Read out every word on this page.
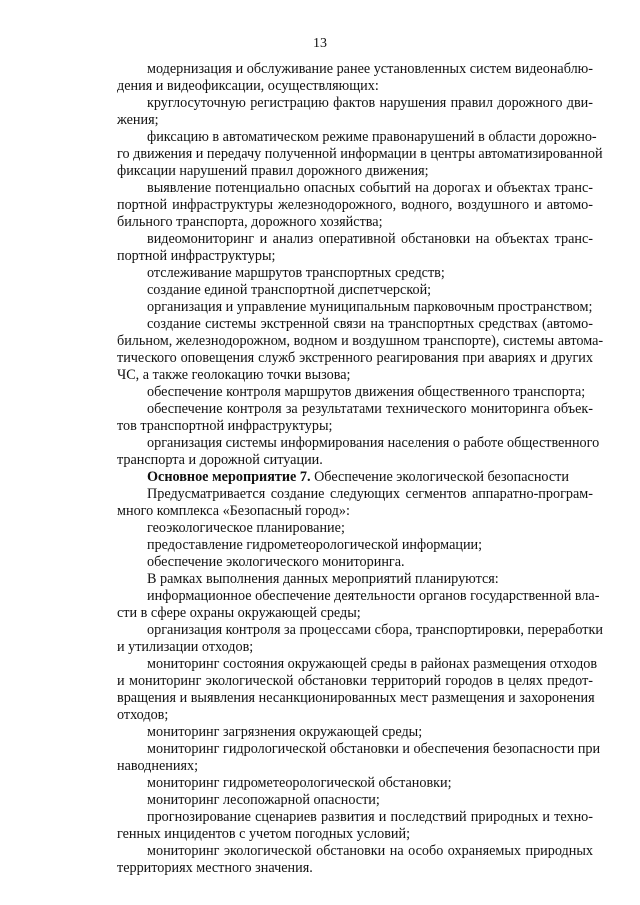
13
модернизация и обслуживание ранее установленных систем видеонаблю-
дения и видеофиксации, осуществляющих:
круглосуточную регистрацию фактов нарушения правил дорожного дви-
жения;
фиксацию в автоматическом режиме правонарушений в области дорожно-
го движения и передачу полученной информации в центры автоматизированной
фиксации нарушений правил дорожного движения;
выявление потенциально опасных событий на дорогах и объектах транс-
портной инфраструктуры железнодорожного, водного, воздушного и автомо-
бильного транспорта, дорожного хозяйства;
видеомониторинг и анализ оперативной обстановки на объектах транс-
портной инфраструктуры;
отслеживание маршрутов транспортных средств;
создание единой транспортной диспетчерской;
организация и управление муниципальным парковочным пространством;
создание системы экстренной связи на транспортных средствах (автомо-
бильном, железнодорожном, водном и воздушном транспорте), системы автома-
тического оповещения служб экстренного реагирования при авариях и других
ЧС, а также геолокацию точки вызова;
обеспечение контроля маршрутов движения общественного транспорта;
обеспечение контроля за результатами технического мониторинга объек-
тов транспортной инфраструктуры;
организация системы информирования населения о работе общественного
транспорта и дорожной ситуации.
Основное мероприятие 7. Обеспечение экологической безопасности
Предусматривается создание следующих сегментов аппаратно-програм-
много комплекса «Безопасный город»:
геоэкологическое планирование;
предоставление гидрометеорологической информации;
обеспечение экологического мониторинга.
В рамках выполнения данных мероприятий планируются:
информационное обеспечение деятельности органов государственной вла-
сти в сфере охраны окружающей среды;
организация контроля за процессами сбора, транспортировки, переработки
и утилизации отходов;
мониторинг состояния окружающей среды в районах размещения отходов
и мониторинг экологической обстановки территорий городов в целях предот-
вращения и выявления несанкционированных мест размещения и захоронения
отходов;
мониторинг загрязнения окружающей среды;
мониторинг гидрологической обстановки и обеспечения безопасности при
наводнениях;
мониторинг гидрометеорологической обстановки;
мониторинг лесопожарной опасности;
прогнозирование сценариев развития и последствий природных и техно-
генных инцидентов с учетом погодных условий;
мониторинг экологической обстановки на особо охраняемых природных
территориях местного значения.
